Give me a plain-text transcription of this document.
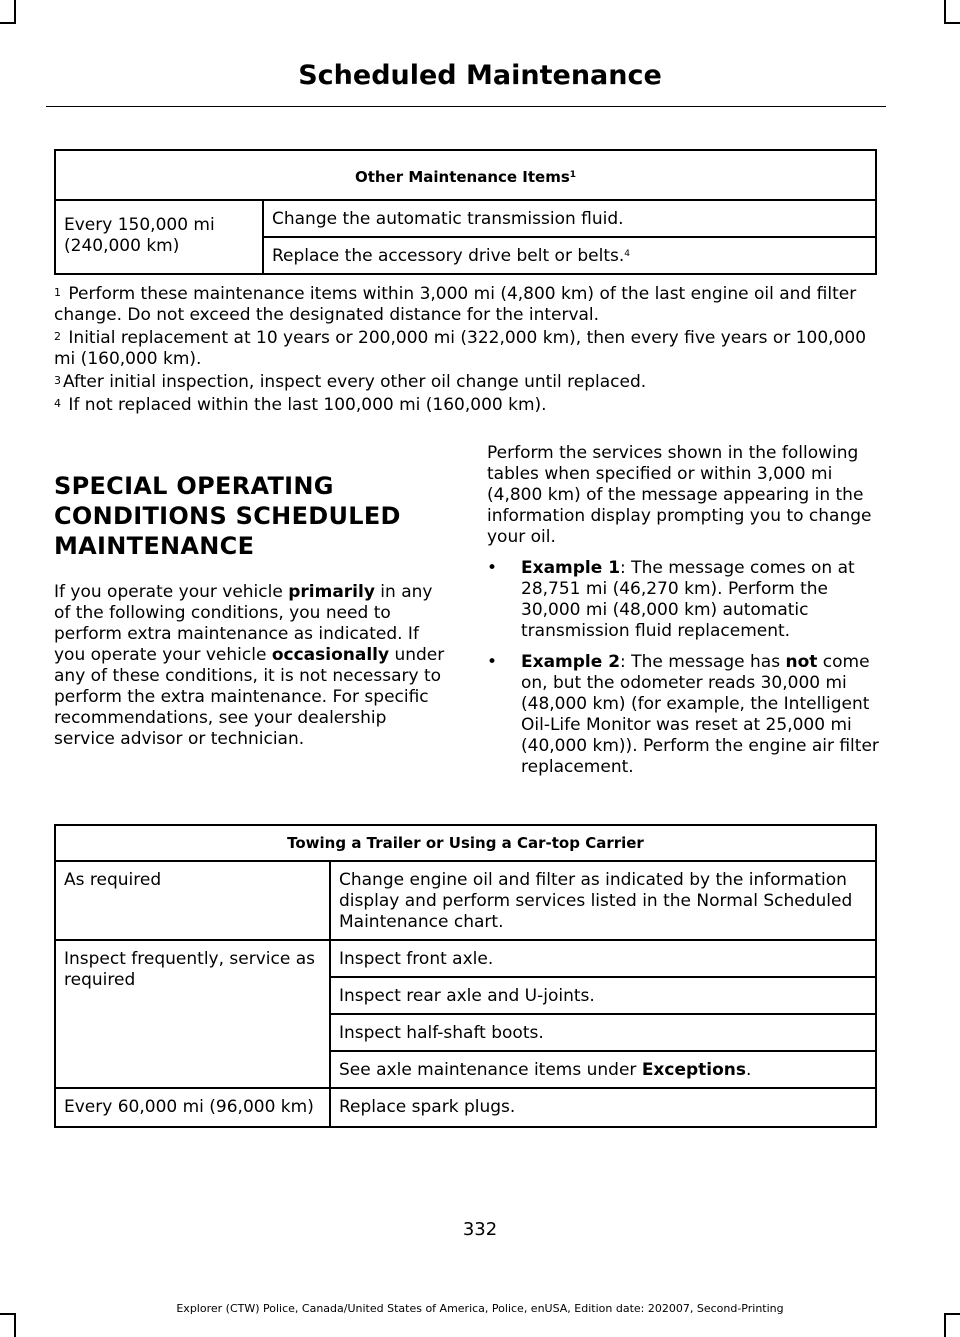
Scheduled Maintenance
Other Maintenance Items$^1$
Every 150,000 mi (240,000 km)	Change the automatic transmission fluid.
Replace the accessory drive belt or belts.$^4$

$^1$ Perform these maintenance items within 3,000 mi (4,800 km) of the last engine oil and filter change. Do not exceed the designated distance for the interval.

$^2$ Initial replacement at 10 years or 200,000 mi (322,000 km), then every five years or 100,000 mi (160,000 km).

$^3$ After initial inspection, inspect every other oil change until replaced.

$^4$ If not replaced within the last 100,000 mi (160,000 km).

SPECIAL OPERATING CONDITIONS SCHEDULED MAINTENANCE

If you operate your vehicle primarily in any of the following conditions, you need to perform extra maintenance as indicated. If you operate your vehicle occasionally under any of these conditions, it is not necessary to perform the extra maintenance. For specific recommendations, see your dealership service advisor or technician.

Perform the services shown in the following tables when specified or within 3,000 mi (4,800 km) of the message appearing in the information display prompting you to change your oil.

• Example 1: The message comes on at 28,751 mi (46,270 km). Perform the 30,000 mi (48,000 km) automatic transmission fluid replacement.
• Example 2: The message has not come on, but the odometer reads 30,000 mi (48,000 km) (for example, the Intelligent Oil-Life Monitor was reset at 25,000 mi (40,000 km)). Perform the engine air filter replacement.
Towing a Trailer or Using a Car-top Carrier	
As required	Change engine oil and filter as indicated by the information display and perform services listed in the Normal Scheduled Maintenance chart.
Inspect frequently, service as required	Inspect front axle.
	Inspect rear axle and U-joints.
	Inspect half-shaft boots.
	See axle maintenance items under Exceptions.
Every 60,000 mi (96,000 km)	Replace spark plugs.
332
Explorer (CTW) Police, Canada/United States of America, Police, enUSA, Edition date: 202007, Second-Printing
